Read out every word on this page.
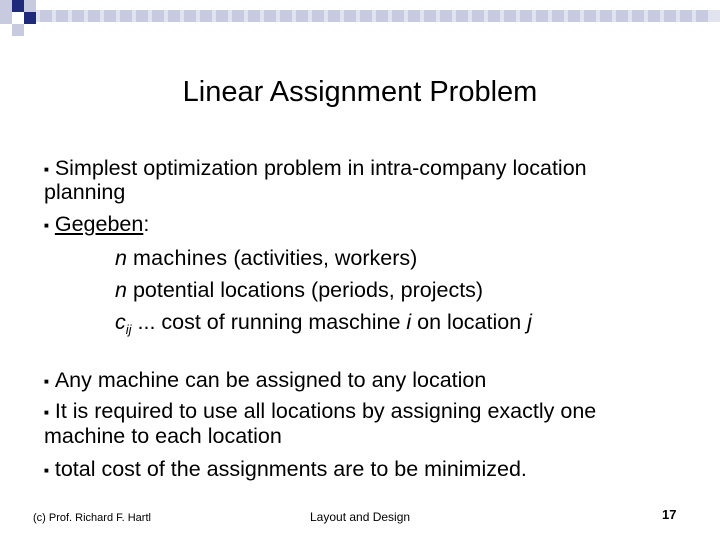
Linear Assignment Problem
■ Simplest optimization problem in intra-company location
planning
■ Gegeben:
n machines (activities, workers)
n potential locations (periods, projects)
$c_{ij}$ ... cost of running maschine i on location j
■ Any machine can be assigned to any location
■ It is required to use all locations by assigning exactly one
machine to each location
■ total cost of the assignments are to be minimized.
(c) Prof. Richard F. Hartl	Layout and Design	17
